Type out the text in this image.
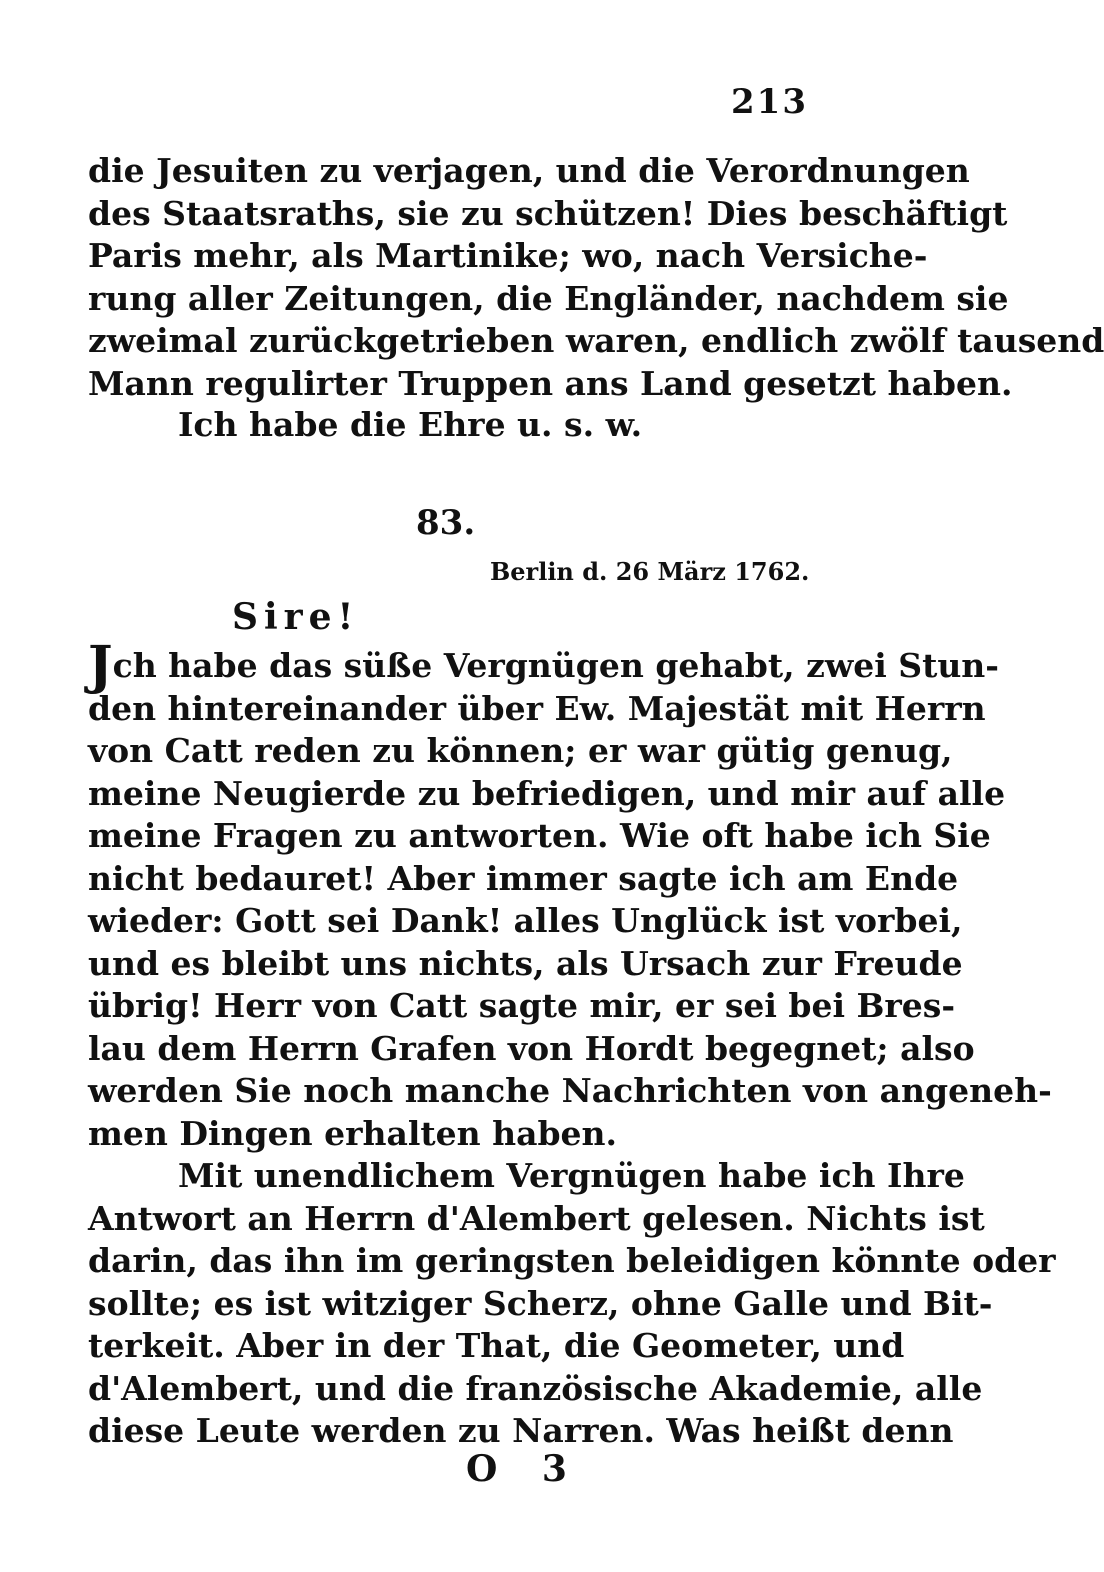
213
die Jesuiten zu verjagen, und die Verordnungen
des Staatsraths, sie zu schützen! Dies beschäftigt
Paris mehr, als Martinike; wo, nach Versiche-
rung aller Zeitungen, die Engländer, nachdem sie
zweimal zurückgetrieben waren, endlich zwölf tausend
Mann regulirter Truppen ans Land gesetzt haben.
Ich habe die Ehre u. s. w.
83.
Berlin d. 26 März 1762.
Sire!
Jch habe das süße Vergnügen gehabt, zwei Stun-
den hintereinander über Ew. Majestät mit Herrn
von Catt reden zu können; er war gütig genug,
meine Neugierde zu befriedigen, und mir auf alle
meine Fragen zu antworten. Wie oft habe ich Sie
nicht bedauret! Aber immer sagte ich am Ende
wieder: Gott sei Dank! alles Unglück ist vorbei,
und es bleibt uns nichts, als Ursach zur Freude
übrig! Herr von Catt sagte mir, er sei bei Bres-
lau dem Herrn Grafen von Hordt begegnet; also
werden Sie noch manche Nachrichten von angeneh-
men Dingen erhalten haben.
Mit unendlichem Vergnügen habe ich Ihre
Antwort an Herrn d'Alembert gelesen. Nichts ist
darin, das ihn im geringsten beleidigen könnte oder
sollte; es ist witziger Scherz, ohne Galle und Bit-
terkeit. Aber in der That, die Geometer, und
d'Alembert, und die französische Akademie, alle
diese Leute werden zu Narren. Was heißt denn
O 3
